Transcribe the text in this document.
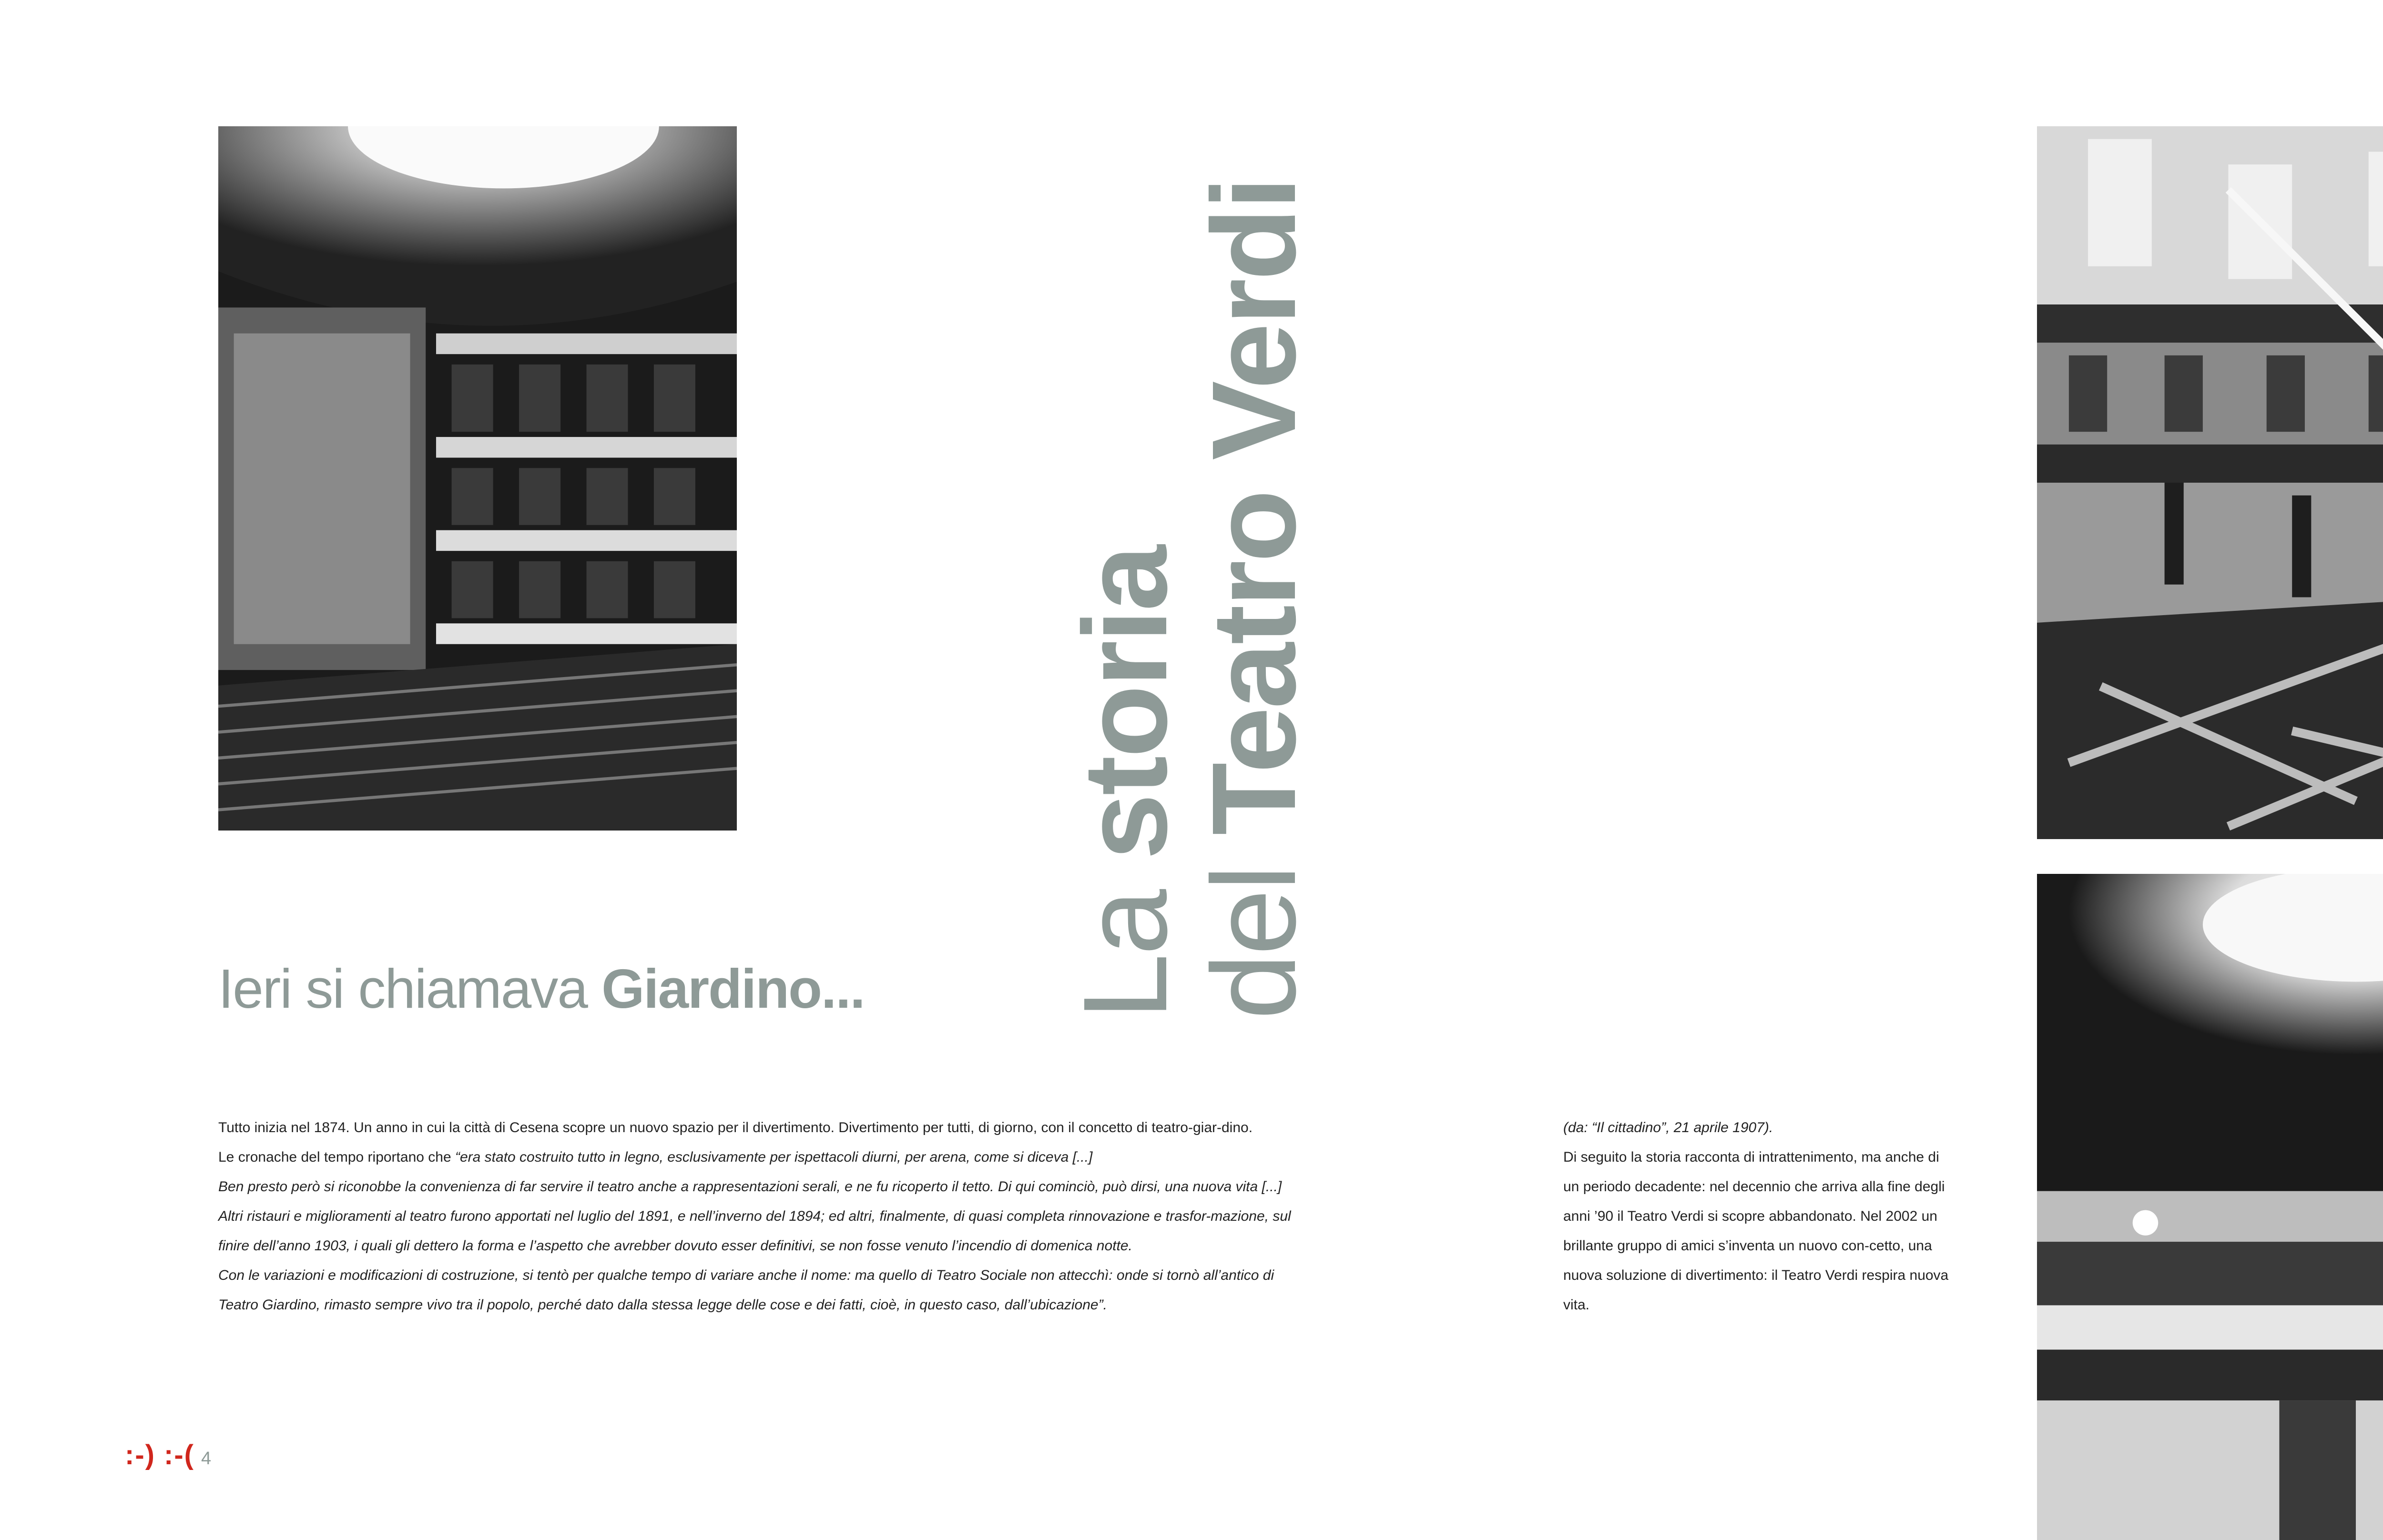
La storia
del Teatro Verdi
Ieri si chiamava Giardino...

Tutto inizia nel 1874. Un anno in cui la città di Cesena scopre un nuovo spazio per il divertimento. Divertimento per tutti, di giorno, con il concetto di teatro-giar-dino.

Le cronache del tempo riportano che “era stato costruito tutto in legno, esclusivamente per ispettacoli diurni, per arena, come si diceva [...]

Ben presto però si riconobbe la convenienza di far servire il teatro anche a rappresentazioni serali, e ne fu ricoperto il tetto. Di qui cominciò, può dirsi, una nuova vita [...]

Altri ristauri e miglioramenti al teatro furono apportati nel luglio del 1891, e nell’inverno del 1894; ed altri, finalmente, di quasi completa rinnovazione e trasfor-mazione, sul finire dell’anno 1903, i quali gli dettero la forma e l’aspetto che avrebber dovuto esser definitivi, se non fosse venuto l’incendio di domenica notte.

Con le variazioni e modificazioni di costruzione, si tentò per qualche tempo di variare anche il nome: ma quello di Teatro Sociale non attecchì: onde si tornò all’antico di Teatro Giardino, rimasto sempre vivo tra il popolo, perché dato dalla stessa legge delle cose e dei fatti, cioè, in questo caso, dall’ubicazione”.

(da: “Il cittadino”, 21 aprile 1907).

Di seguito la storia racconta di intrattenimento, ma anche di un periodo decadente: nel decennio che arriva alla fine degli anni ’90 il Teatro Verdi si scopre abbandonato. Nel 2002 un brillante gruppo di amici s’inventa un nuovo con-cetto, una nuova soluzione di divertimento: il Teatro Verdi respira nuova vita.

:-) :-( 4
